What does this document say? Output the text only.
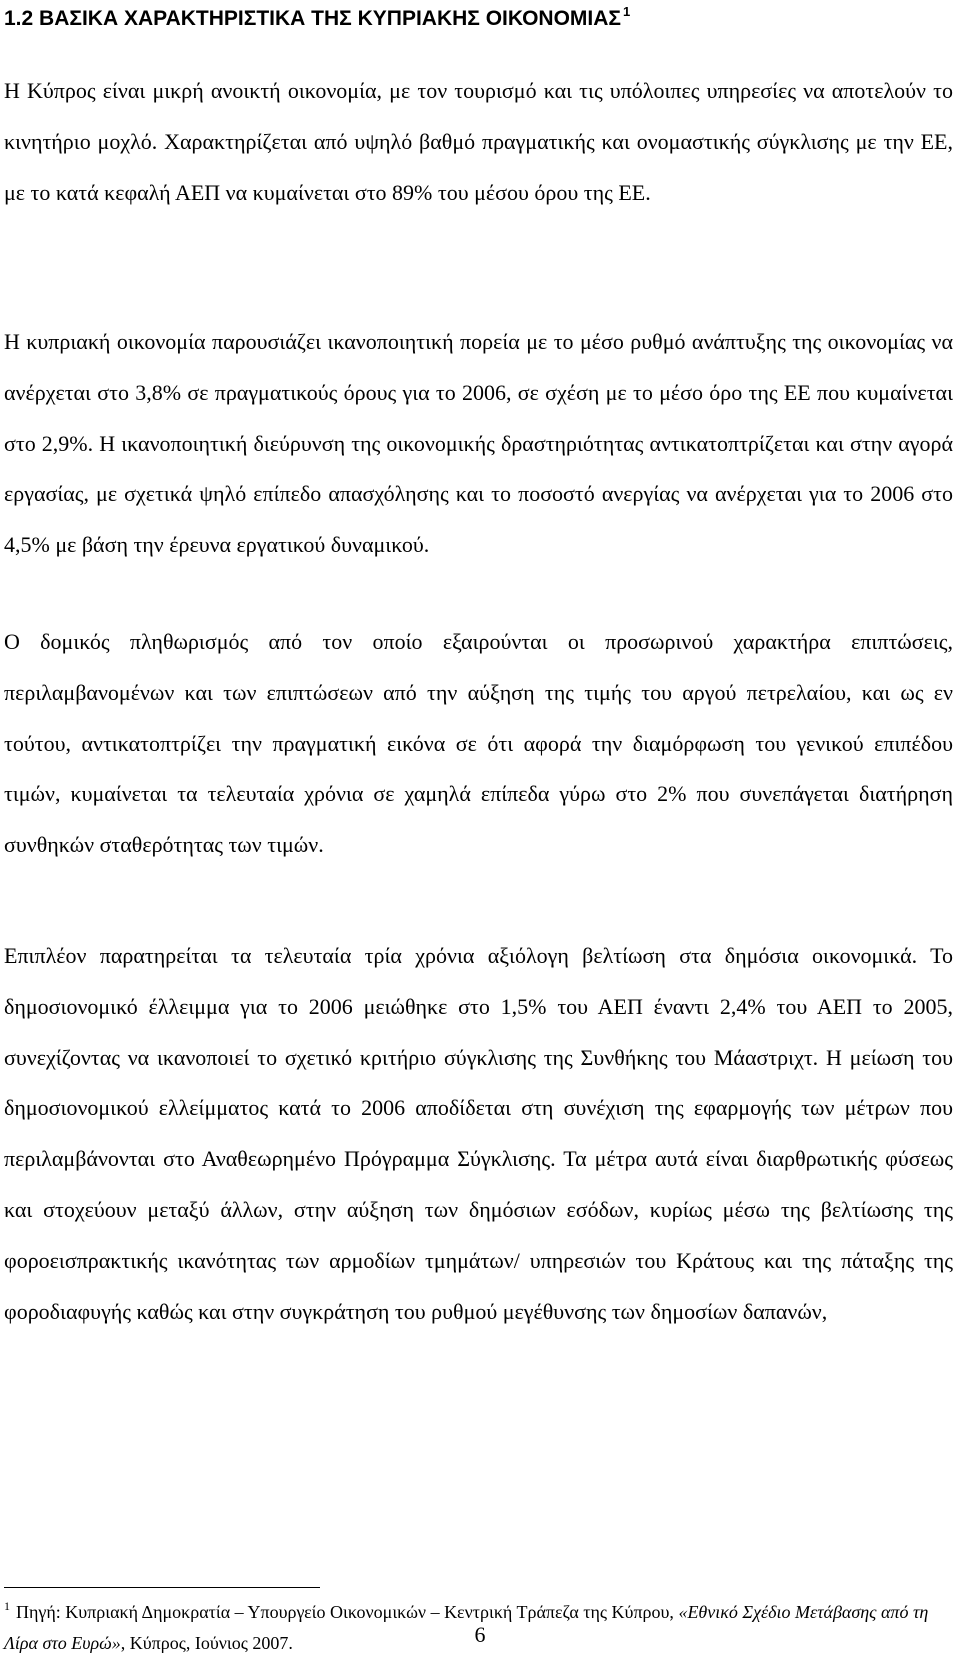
1.2 ΒΑΣΙΚΑ ΧΑΡΑΚΤΗΡΙΣΤΙΚΑ ΤΗΣ ΚΥΠΡΙΑΚΗΣ ΟΙΚΟΝΟΜΙΑΣ $^1$

Η Κύπρος είναι μικρή ανοικτή οικονομία, με τον τουρισμό και τις υπόλοιπες υπηρεσίες να αποτελούν το κινητήριο μοχλό. Χαρακτηρίζεται από υψηλό βαθμό πραγματικής και ονομαστικής σύγκλισης με την ΕΕ, με το κατά κεφαλή ΑΕΠ να κυμαίνεται στο 89% του μέσου όρου της ΕΕ.

Η κυπριακή οικονομία παρουσιάζει ικανοποιητική πορεία με το μέσο ρυθμό ανάπτυξης της οικονομίας να ανέρχεται στο 3,8% σε πραγματικούς όρους για το 2006, σε σχέση με το μέσο όρο της ΕΕ που κυμαίνεται στο 2,9%. Η ικανοποιητική διεύρυνση της οικονομικής δραστηριότητας αντικατοπτρίζεται και στην αγορά εργασίας, με σχετικά ψηλό επίπεδο απασχόλησης και το ποσοστό ανεργίας να ανέρχεται για το 2006 στο 4,5% με βάση την έρευνα εργατικού δυναμικού.

Ο δομικός πληθωρισμός από τον οποίο εξαιρούνται οι προσωρινού χαρακτήρα επιπτώσεις, περιλαμβανομένων και των επιπτώσεων από την αύξηση της τιμής του αργού πετρελαίου, και ως εν τούτου, αντικατοπτρίζει την πραγματική εικόνα σε ότι αφορά την διαμόρφωση του γενικού επιπέδου τιμών, κυμαίνεται τα τελευταία χρόνια σε χαμηλά επίπεδα γύρω στο 2% που συνεπάγεται διατήρηση συνθηκών σταθερότητας των τιμών.

Επιπλέον παρατηρείται τα τελευταία τρία χρόνια αξιόλογη βελτίωση στα δημόσια οικονομικά. Το δημοσιονομικό έλλειμμα για το 2006 μειώθηκε στο 1,5% του ΑΕΠ έναντι 2,4% του ΑΕΠ το 2005, συνεχίζοντας να ικανοποιεί το σχετικό κριτήριο σύγκλισης της Συνθήκης του Μάαστριχτ. Η μείωση του δημοσιονομικού ελλείμματος κατά το 2006 αποδίδεται στη συνέχιση της εφαρμογής των μέτρων που περιλαμβάνονται στο Αναθεωρημένο Πρόγραμμα Σύγκλισης. Τα μέτρα αυτά είναι διαρθρωτικής φύσεως και στοχεύουν μεταξύ άλλων, στην αύξηση των δημόσιων εσόδων, κυρίως μέσω της βελτίωσης της φοροεισπρακτικής ικανότητας των αρμοδίων τμημάτων/ υπηρεσιών του Κράτους και της πάταξης της φοροδιαφυγής καθώς και στην συγκράτηση του ρυθμού μεγέθυνσης των δημοσίων δαπανών,

$^1$ Πηγή: Κυπριακή Δημοκρατία – Υπουργείο Οικονομικών – Κεντρική Τράπεζα της Κύπρου, «Εθνικό Σχέδιο Μετάβασης από τη Λίρα στο Ευρώ», Κύπρος, Ιούνιος 2007.	6
